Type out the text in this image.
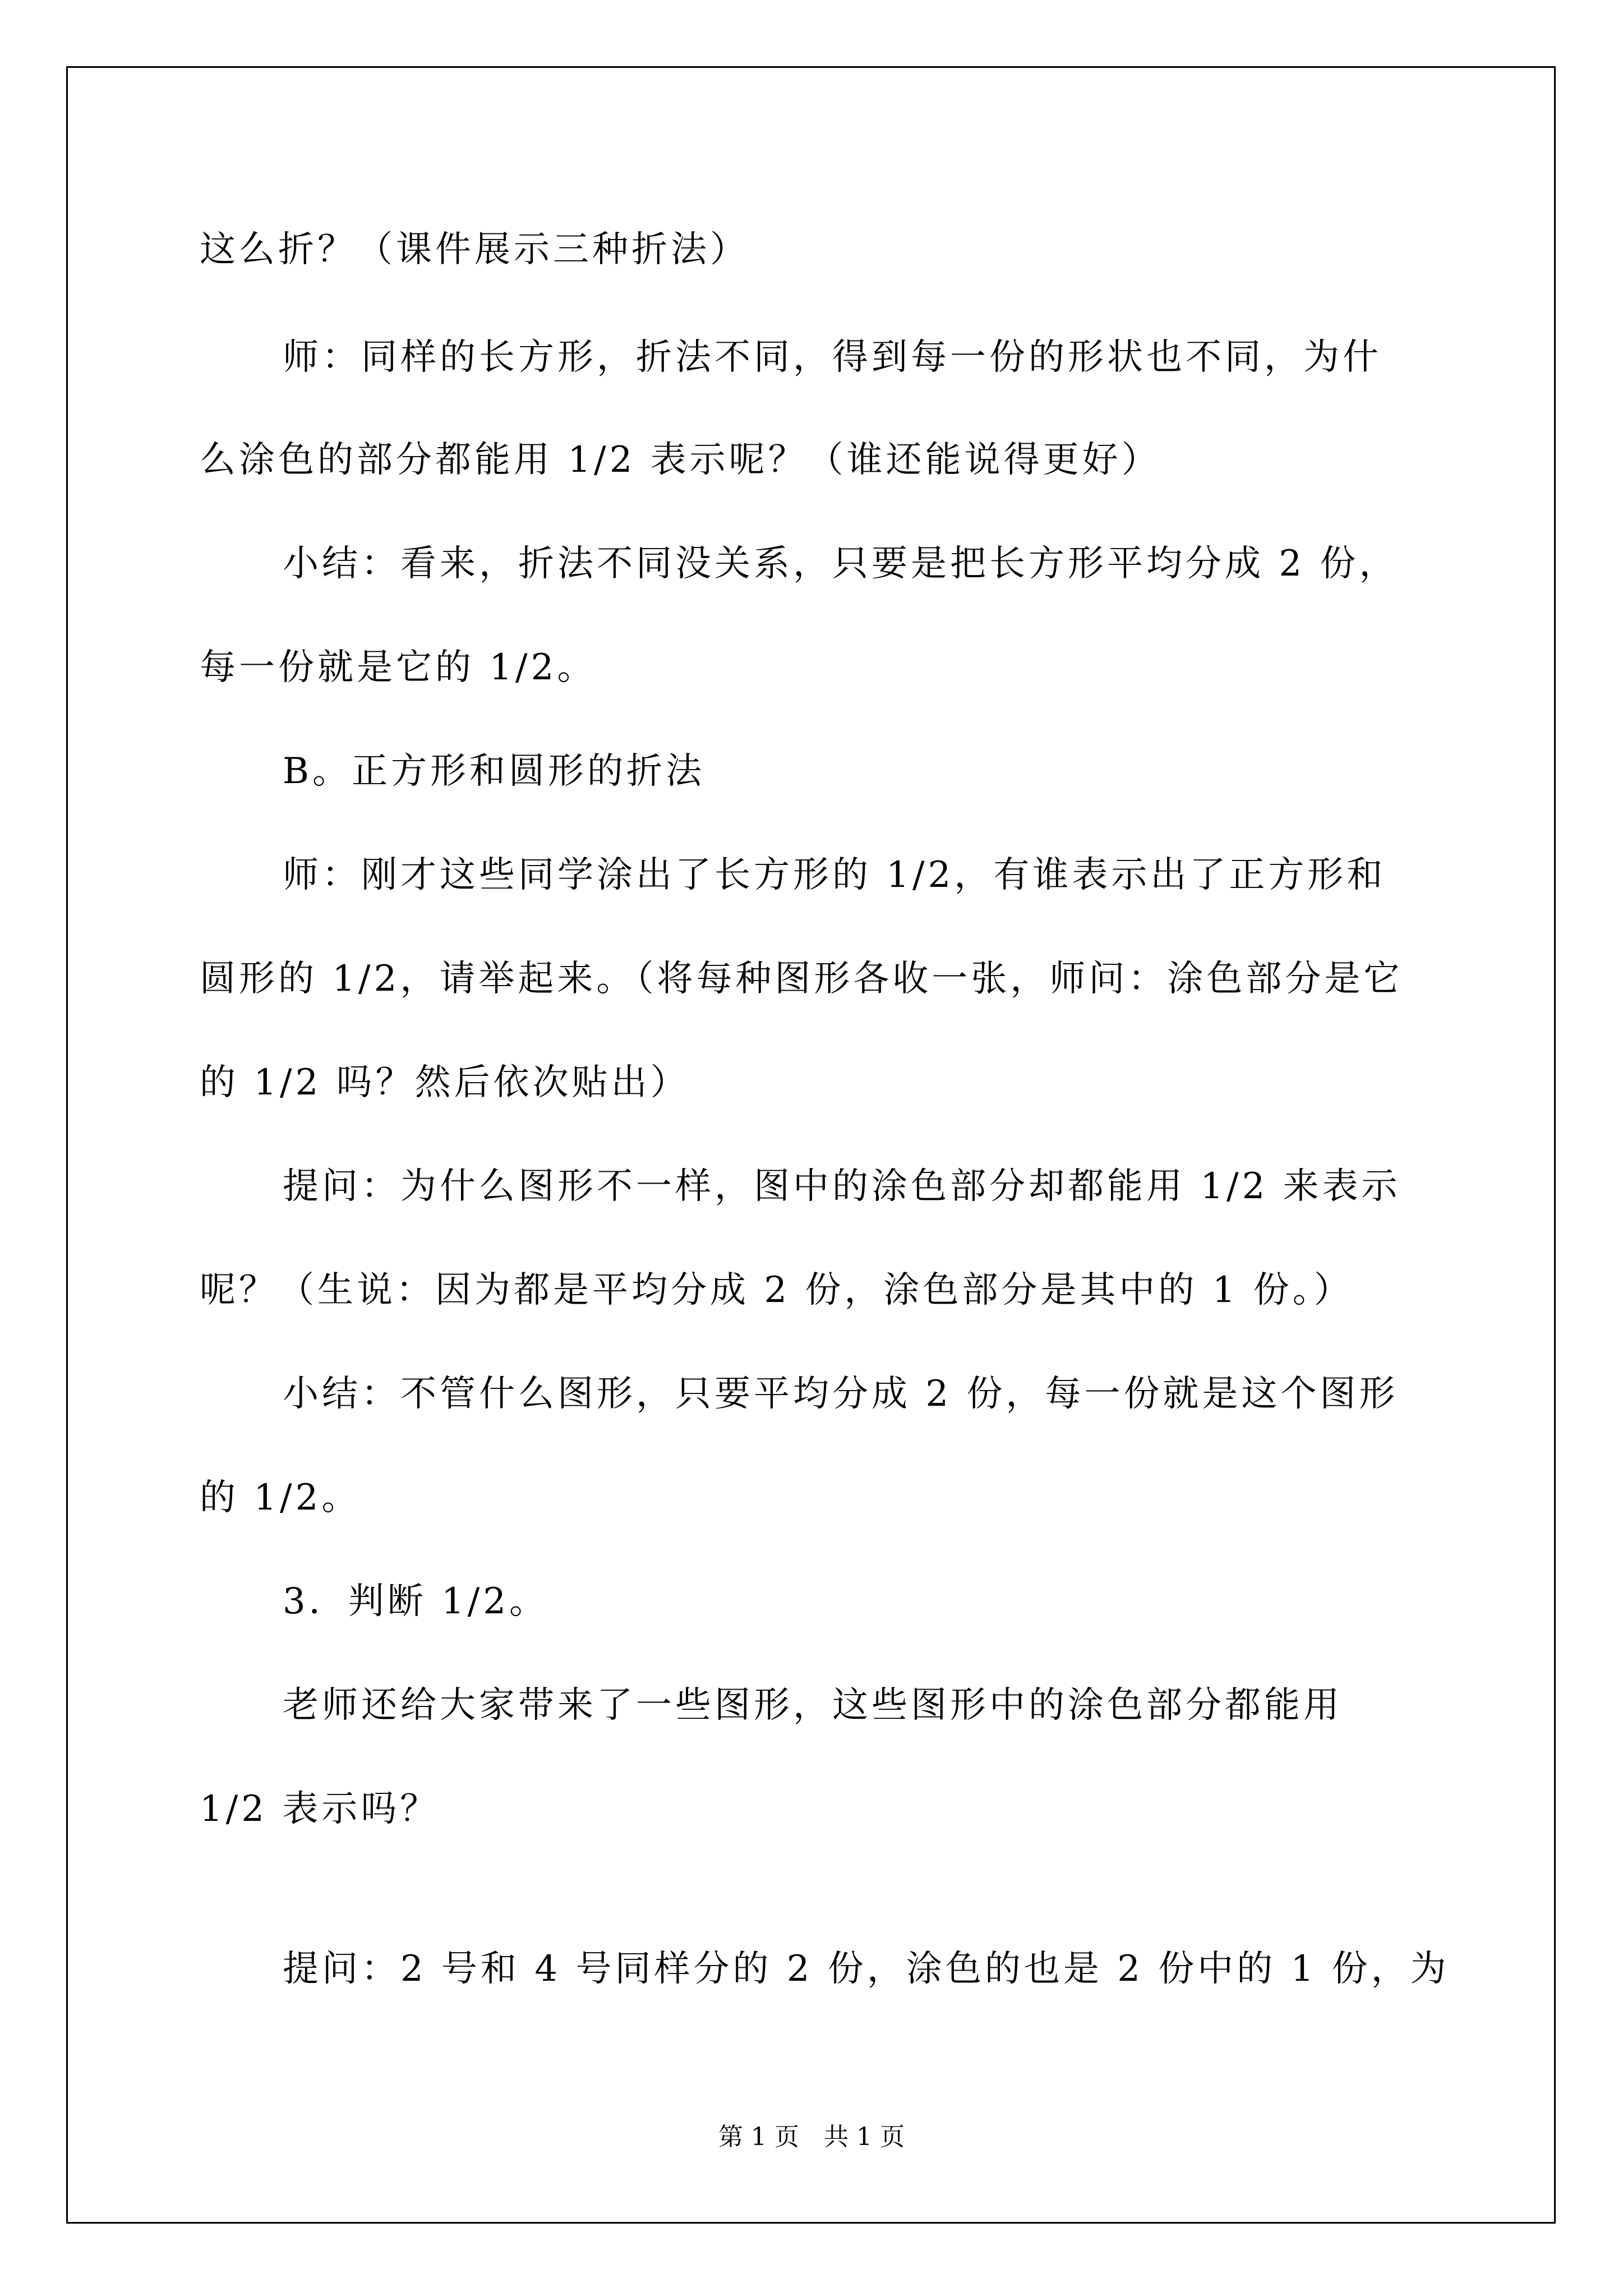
这么折？（课件展示三种折法）

师：同样的长方形，折法不同，得到每一份的形状也不同，为什

么涂色的部分都能用 1/2 表示呢？（谁还能说得更好）

小结：看来，折法不同没关系，只要是把长方形平均分成 2 份，

每一份就是它的 1/2。

B。正方形和圆形的折法

师：刚才这些同学涂出了长方形的 1/2，有谁表示出了正方形和

圆形的 1/2，请举起来。（将每种图形各收一张，师问：涂色部分是它

的 1/2 吗？然后依次贴出）

提问：为什么图形不一样，图中的涂色部分却都能用 1/2 来表示

呢？（生说：因为都是平均分成 2 份，涂色部分是其中的 1 份。）

小结：不管什么图形，只要平均分成 2 份，每一份就是这个图形

的 1/2。

3．判断 1/2。

老师还给大家带来了一些图形，这些图形中的涂色部分都能用

1/2 表示吗？

提问：2 号和 4 号同样分的 2 份，涂色的也是 2 份中的 1 份，为

第 1 页　共 1 页
